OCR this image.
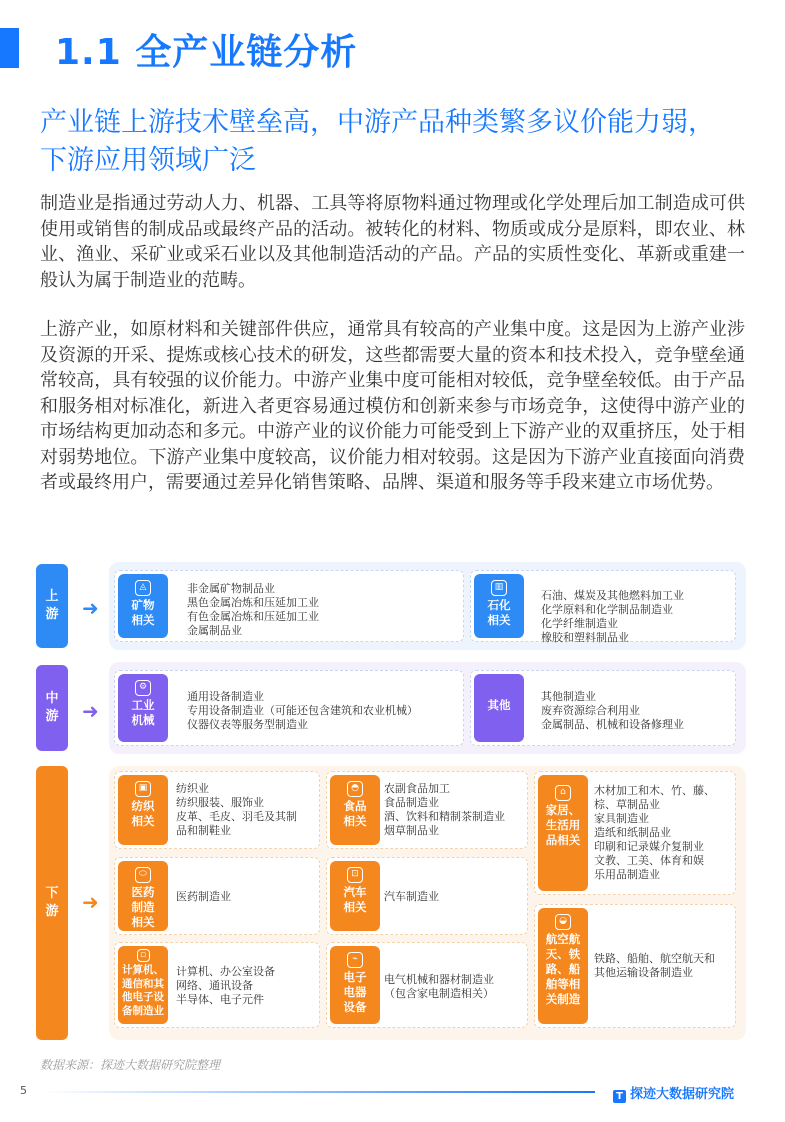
1.1 全产业链分析
产业链上游技术壁垒高，中游产品种类繁多议价能力弱，下游应用领域广泛

制造业是指通过劳动人力、机器、工具等将原物料通过物理或化学处理后加工制造成可供使用或销售的制成品或最终产品的活动。被转化的材料、物质或成分是原料，即农业、林业、渔业、采矿业或采石业以及其他制造活动的产品。产品的实质性变化、革新或重建一般认为属于制造业的范畴。

上游产业，如原材料和关键部件供应，通常具有较高的产业集中度。这是因为上游产业涉及资源的开采、提炼或核心技术的研发，这些都需要大量的资本和技术投入，竞争壁垒通常较高，具有较强的议价能力。中游产业集中度可能相对较低，竞争壁垒较低。由于产品和服务相对标准化，新进入者更容易通过模仿和创新来参与市场竞争，这使得中游产业的市场结构更加动态和多元。中游产业的议价能力可能受到上下游产业的双重挤压，处于相对弱势地位。下游产业集中度较高，议价能力相对较弱。这是因为下游产业直接面向消费者或最终用户，需要通过差异化销售策略、品牌、渠道和服务等手段来建立市场优势。

上
游	➜
◬
矿物
相关
非金属矿物制品业
黑色金属冶炼和压延加工业
有色金属冶炼和压延加工业
金属制品业
▥
石化
相关
石油、煤炭及其他燃料加工业
化学原料和化学制品制造业
化学纤维制造业
橡胶和塑料制品业
中
游	➜
⚙
工业
机械
通用设备制造业
专用设备制造业（可能还包含建筑和农业机械）
仪器仪表等服务型制造业
其他
其他制造业
废弃资源综合利用业
金属制品、机械和设备修理业
下
游	➜
▣
纺织
相关
纺织业
纺织服装、服饰业
皮革、毛皮、羽毛及其制
品和制鞋业
⬭
医药
制造
相关
医药制造业
▫
计算机、
通信和其
他电子设
备制造业
计算机、办公室设备
网络、通讯设备
半导体、电子元件
◓
食品
相关
农副食品加工
食品制造业
酒、饮料和精制茶制造业
烟草制品业
⊡
汽车
相关
汽车制造业
⌁
电子
电器
设备
电气机械和器材制造业
（包含家电制造相关）
⌂
家居、
生活用
品相关
木材加工和木、竹、藤、
棕、草制品业
家具制造业
造纸和纸制品业
印刷和记录媒介复制业
文教、工美、体育和娱
乐用品制造业
◒
航空航
天、铁
路、船
舶等相
关制造
铁路、船舶、航空航天和
其他运输设备制造业
数据来源：探迹大数据研究院整理
5	T 探迹大数据研究院
